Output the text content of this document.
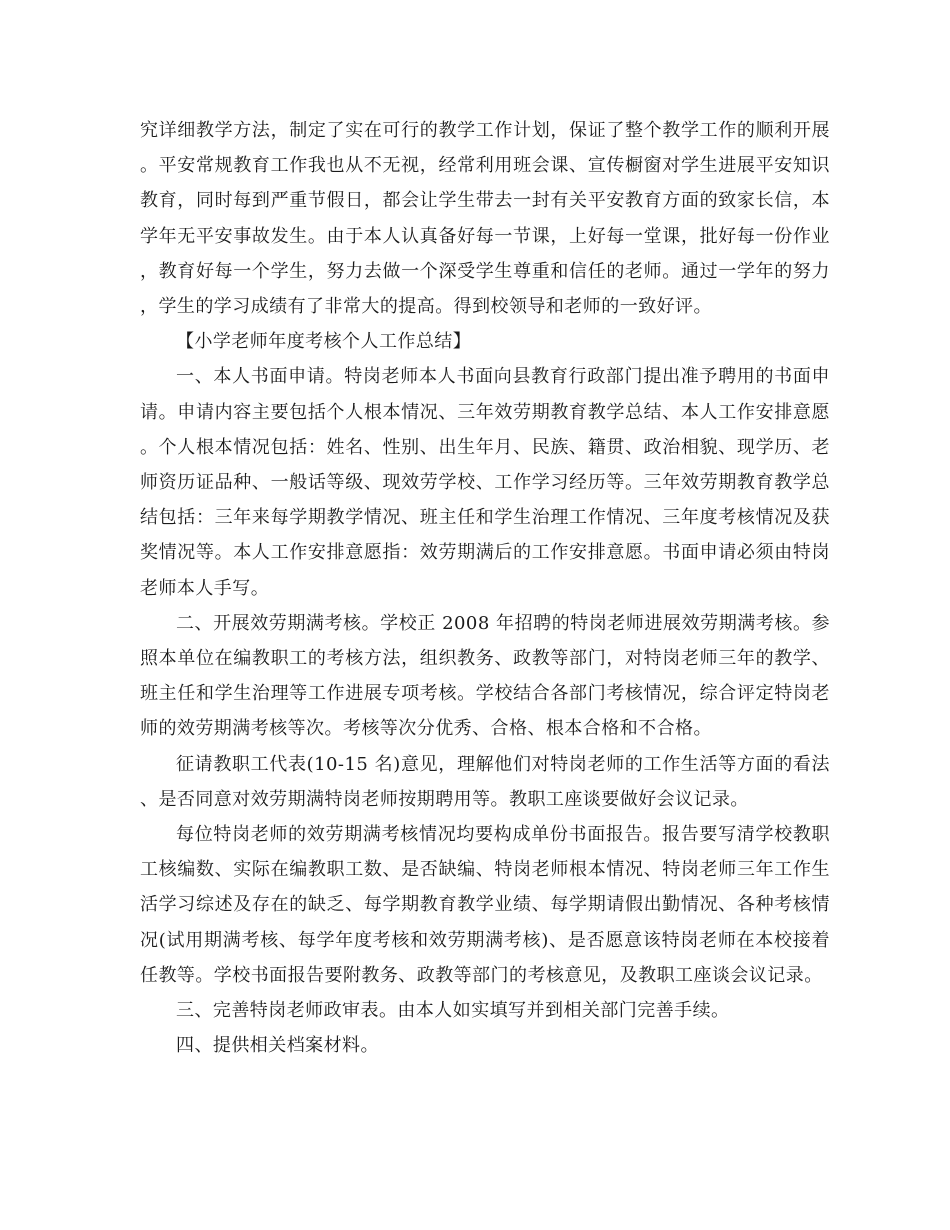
究详细教学方法，制定了实在可行的教学工作计划，保证了整个教学工作的顺利开展。平安常规教育工作我也从不无视，经常利用班会课、宣传橱窗对学生进展平安知识教育，同时每到严重节假日，都会让学生带去一封有关平安教育方面的致家长信，本学年无平安事故发生。由于本人认真备好每一节课，上好每一堂课，批好每一份作业，教育好每一个学生，努力去做一个深受学生尊重和信任的老师。通过一学年的努力，学生的学习成绩有了非常大的提高。得到校领导和老师的一致好评。

【小学老师年度考核个人工作总结】

一、本人书面申请。特岗老师本人书面向县教育行政部门提出准予聘用的书面申请。申请内容主要包括个人根本情况、三年效劳期教育教学总结、本人工作安排意愿。个人根本情况包括：姓名、性别、出生年月、民族、籍贯、政治相貌、现学历、老师资历证品种、一般话等级、现效劳学校、工作学习经历等。三年效劳期教育教学总结包括：三年来每学期教学情况、班主任和学生治理工作情况、三年度考核情况及获奖情况等。本人工作安排意愿指：效劳期满后的工作安排意愿。书面申请必须由特岗老师本人手写。

二、开展效劳期满考核。学校正 2008 年招聘的特岗老师进展效劳期满考核。参照本单位在编教职工的考核方法，组织教务、政教等部门，对特岗老师三年的教学、班主任和学生治理等工作进展专项考核。学校结合各部门考核情况，综合评定特岗老师的效劳期满考核等次。考核等次分优秀、合格、根本合格和不合格。

征请教职工代表(10-15 名)意见，理解他们对特岗老师的工作生活等方面的看法、是否同意对效劳期满特岗老师按期聘用等。教职工座谈要做好会议记录。

每位特岗老师的效劳期满考核情况均要构成单份书面报告。报告要写清学校教职工核编数、实际在编教职工数、是否缺编、特岗老师根本情况、特岗老师三年工作生活学习综述及存在的缺乏、每学期教育教学业绩、每学期请假出勤情况、各种考核情况(试用期满考核、每学年度考核和效劳期满考核)、是否愿意该特岗老师在本校接着任教等。学校书面报告要附教务、政教等部门的考核意见，及教职工座谈会议记录。

三、完善特岗老师政审表。由本人如实填写并到相关部门完善手续。

四、提供相关档案材料。
